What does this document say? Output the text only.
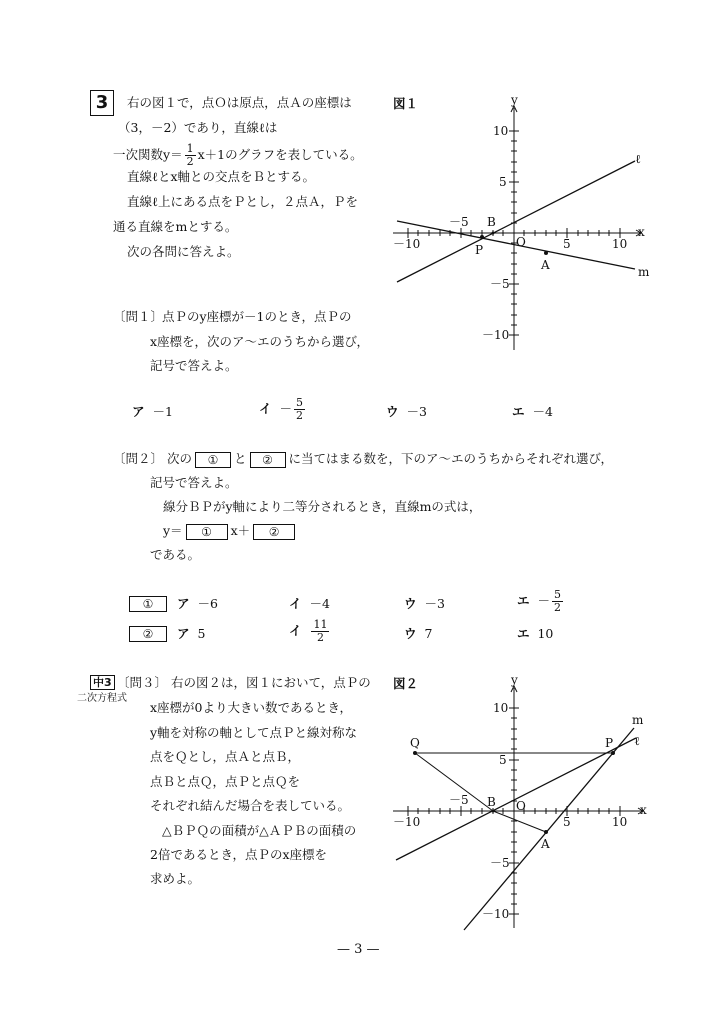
3	右の図１で，点Ｏは原点，点Ａの座標は
（3，－2）であり，直線ℓは
一次関数$y= \frac{1}{2} x+1$のグラフを表している。
直線ℓとx軸との交点をＢとする。
直線ℓ上にある点をＰとし，２点Ａ，Ｐを
通る直線をmとする。
次の各問に答えよ。
図１	y
x
ℓ
m
B
O
P
A
10
5
－5
－10
－10
－5
5	10
〔問１〕
点Ｐのy座標が－1のとき，点Ｐの
x座標を，次のア～エのうちから選び，
記号で答えよ。
ア －1	イ － $\frac{5}{2}$	ウ －3	エ －4
〔問２〕 次の ① と ② に当てはまる数を，下のア～エのうちからそれぞれ選び，
記号で答えよ。
線分ＢＰがy軸により二等分されるとき，直線mの式は，
y＝ ① x＋ ②
である。
①	ア －6	イ －4	ウ －3	エ － $\frac{5}{2}$
②	ア 5	イ $\frac{11}{2}$	ウ 7	エ 10
中3
二次方程式
〔問３〕 右の図２は，図１において，点Ｐの
x座標が0より大きい数であるとき，
y軸を対称の軸として点Ｐと線対称な
点をＱとし，点Ａと点Ｂ，
点Ｂと点Ｑ，点Ｐと点Ｑを
それぞれ結んだ場合を表している。
△ＢＰＱの面積が△ＡＰＢの面積の
2倍であるとき，点Ｐのx座標を
求めよ。
図２	y
x
ℓ
m
B O
P
Q
A
10
5
－5
－10
－10
－5
5	10
— 3 —
